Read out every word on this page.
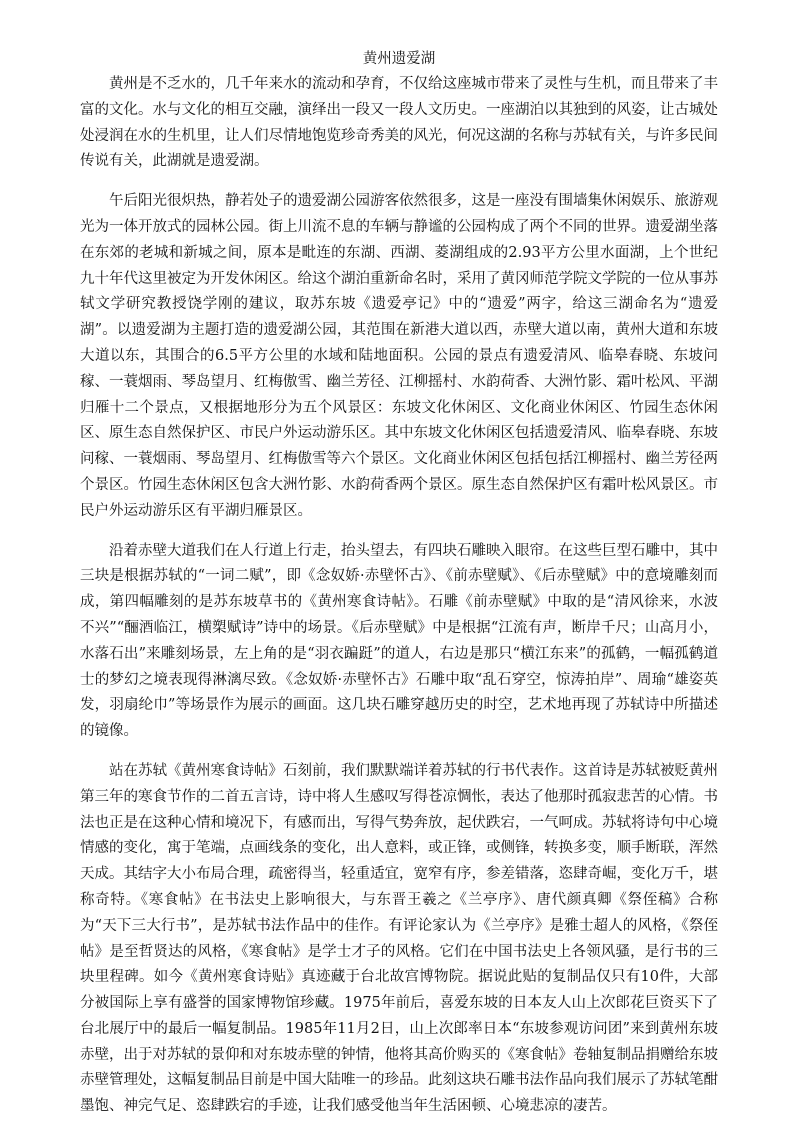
黄州遗爱湖

黄州是不乏水的，几千年来水的流动和孕育，不仅给这座城市带来了灵性与生机，而且带来了丰富的文化。水与文化的相互交融，演绎出一段又一段人文历史。一座湖泊以其独到的风姿，让古城处处浸润在水的生机里，让人们尽情地饱览珍奇秀美的风光，何况这湖的名称与苏轼有关，与许多民间传说有关，此湖就是遗爱湖。

午后阳光很炽热，静若处子的遗爱湖公园游客依然很多，这是一座没有围墙集休闲娱乐、旅游观光为一体开放式的园林公园。街上川流不息的车辆与静谧的公园构成了两个不同的世界。遗爱湖坐落在东郊的老城和新城之间，原本是毗连的东湖、西湖、菱湖组成的2.93平方公里水面湖，上个世纪九十年代这里被定为开发休闲区。给这个湖泊重新命名时，采用了黄冈师范学院文学院的一位从事苏轼文学研究教授饶学刚的建议，取苏东坡《遗爱亭记》中的“遗爱”两字，给这三湖命名为“遗爱湖”。以遗爱湖为主题打造的遗爱湖公园，其范围在新港大道以西，赤壁大道以南，黄州大道和东坡大道以东，其围合的6.5平方公里的水域和陆地面积。公园的景点有遗爱清风、临皋春晓、东坡问稼、一蓑烟雨、琴岛望月、红梅傲雪、幽兰芳径、江柳摇村、水韵荷香、大洲竹影、霜叶松风、平湖归雁十二个景点，又根据地形分为五个风景区：东坡文化休闲区、文化商业休闲区、竹园生态休闲区、原生态自然保护区、市民户外运动游乐区。其中东坡文化休闲区包括遗爱清风、临皋春晓、东坡问稼、一蓑烟雨、琴岛望月、红梅傲雪等六个景区。文化商业休闲区包括包括江柳摇村、幽兰芳径两个景区。竹园生态休闲区包含大洲竹影、水韵荷香两个景区。原生态自然保护区有霜叶松风景区。市民户外运动游乐区有平湖归雁景区。

沿着赤壁大道我们在人行道上行走，抬头望去，有四块石雕映入眼帘。在这些巨型石雕中，其中三块是根据苏轼的“一词二赋”，即《念奴娇·赤壁怀古》、《前赤壁赋》、《后赤壁赋》中的意境雕刻而成，第四幅雕刻的是苏东坡草书的《黄州寒食诗帖》。石雕《前赤壁赋》中取的是“清风徐来，水波不兴”“酾酒临江，横槊赋诗”诗中的场景。《后赤壁赋》中是根据“江流有声，断岸千尺；山高月小，水落石出”来雕刻场景，左上角的是“羽衣蹁跹”的道人，右边是那只“横江东来”的孤鹤，一幅孤鹤道士的梦幻之境表现得淋漓尽致。《念奴娇·赤壁怀古》石雕中取“乱石穿空，惊涛拍岸”、周瑜“雄姿英发，羽扇纶巾”等场景作为展示的画面。这几块石雕穿越历史的时空，艺术地再现了苏轼诗中所描述的镜像。

站在苏轼《黄州寒食诗帖》石刻前，我们默默端详着苏轼的行书代表作。这首诗是苏轼被贬黄州第三年的寒食节作的二首五言诗，诗中将人生感叹写得苍凉惆怅，表达了他那时孤寂悲苦的心情。书法也正是在这种心情和境况下，有感而出，写得气势奔放，起伏跌宕，一气呵成。苏轼将诗句中心境情感的变化，寓于笔端，点画线条的变化，出人意料，或正锋，或侧锋，转换多变，顺手断联，浑然天成。其结字大小布局合理，疏密得当，轻重适宜，宽窄有序，参差错落，恣肆奇崛，变化万千，堪称奇特。《寒食帖》在书法史上影响很大，与东晋王羲之《兰亭序》、唐代颜真卿《祭侄稿》合称为“天下三大行书”，是苏轼书法作品中的佳作。有评论家认为《兰亭序》是雅士超人的风格，《祭侄帖》是至哲贤达的风格，《寒食帖》是学士才子的风格。它们在中国书法史上各领风骚，是行书的三块里程碑。如今《黄州寒食诗贴》真迹藏于台北故宫博物院。据说此贴的复制品仅只有10件，大部分被国际上享有盛誉的国家博物馆珍藏。1975年前后，喜爱东坡的日本友人山上次郎花巨资买下了台北展厅中的最后一幅复制品。1985年11月2日，山上次郎率日本“东坡参观访问团”来到黄州东坡赤壁，出于对苏轼的景仰和对东坡赤壁的钟情，他将其高价购买的《寒食帖》卷轴复制品捐赠给东坡赤壁管理处，这幅复制品目前是中国大陆唯一的珍品。此刻这块石雕书法作品向我们展示了苏轼笔酣墨饱、神完气足、恣肆跌宕的手迹，让我们感受他当年生活困顿、心境悲凉的凄苦。
